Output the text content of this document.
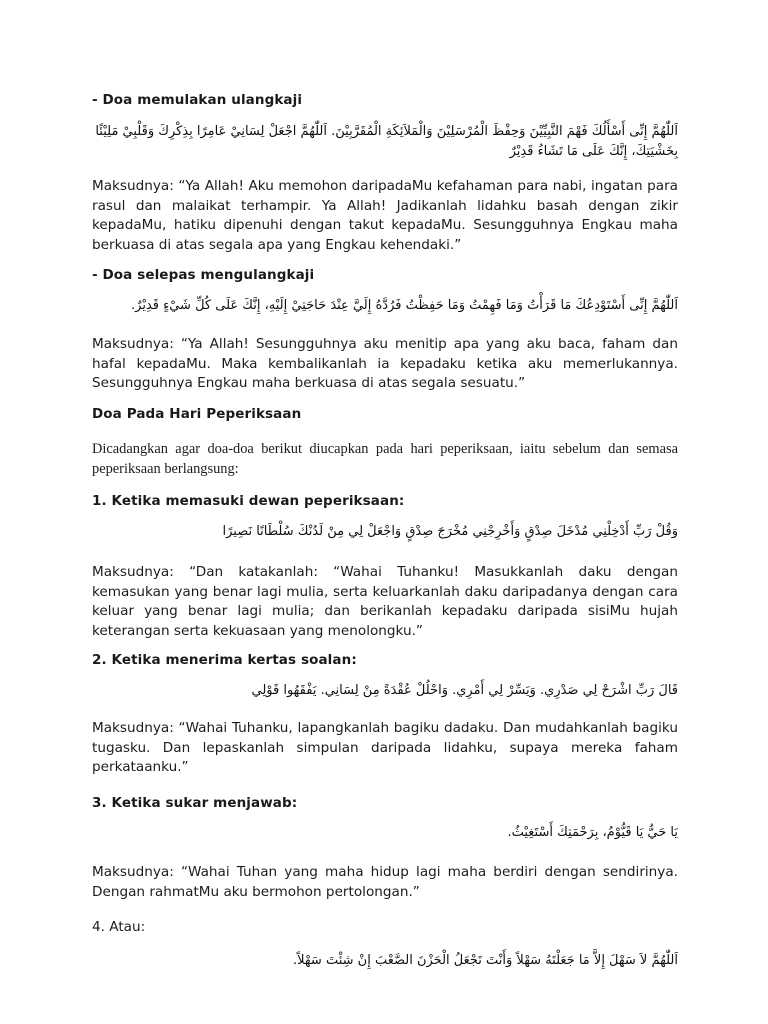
- Doa memulakan ulangkaji
اَللّٰهُمَّ إِنِّى أَسْأَلُكَ فَهْمَ النَّبِيِّيْنَ وَحِفْظَ الْمُرْسَلِيْنَ وَالْمَلاَئِكَةِ الْمُقَرَّبِيْنَ. اَللّٰهُمَّ اجْعَلْ لِسَانِيْ عَامِرًا بِذِكْرِكَ وَقَلْبِيْ مَلِيْئًا بِخَشْيَتِكَ، إِنَّكَ عَلَى مَا تَشَاءُ قَدِيْرٌ
Maksudnya: “Ya Allah! Aku memohon daripadaMu kefahaman para nabi, ingatan para rasul dan malaikat terhampir. Ya Allah! Jadikanlah lidahku basah dengan zikir kepadaMu, hatiku dipenuhi dengan takut kepadaMu. Sesungguhnya Engkau maha berkuasa di atas segala apa yang Engkau kehendaki.”
- Doa selepas mengulangkaji
اَللّٰهُمَّ إِنِّى أَسْتَوْدِعُكَ مَا قَرَأْتُ وَمَا فَهِمْتُ وَمَا حَفِظْتُ فَرُدَّهُ إِلَيَّ عِنْدَ حَاجَتِيْ إِلَيْهِ، إِنَّكَ عَلَى كُلِّ شَيْءٍ قَدِيْرٌ.
Maksudnya: “Ya Allah! Sesungguhnya aku menitip apa yang aku baca, faham dan hafal kepadaMu. Maka kembalikanlah ia kepadaku ketika aku memerlukannya. Sesungguhnya Engkau maha berkuasa di atas segala sesuatu.”
Doa Pada Hari Peperiksaan
Dicadangkan agar doa-doa berikut diucapkan pada hari peperiksaan, iaitu sebelum dan semasa peperiksaan berlangsung:
1. Ketika memasuki dewan peperiksaan:
وَقُلْ رَبِّ أَدْخِلْنِي مُدْخَلَ صِدْقٍ وَأَخْرِجْنِي مُخْرَجَ صِدْقٍ وَاجْعَلْ لِي مِنْ لَدُنْكَ سُلْطَانًا نَصِيرًا
Maksudnya: “Dan katakanlah: “Wahai Tuhanku! Masukkanlah daku dengan kemasukan yang benar lagi mulia, serta keluarkanlah daku daripadanya dengan cara keluar yang benar lagi mulia; dan berikanlah kepadaku daripada sisiMu hujah keterangan serta kekuasaan yang menolongku.”
2. Ketika menerima kertas soalan:
قَالَ رَبِّ اشْرَحْ لِي صَدْرِي. وَيَسِّرْ لِي أَمْرِي. وَاحْلُلْ عُقْدَةً مِنْ لِسَانِي. يَفْقَهُوا قَوْلِي
Maksudnya: “Wahai Tuhanku, lapangkanlah bagiku dadaku. Dan mudahkanlah bagiku tugasku. Dan lepaskanlah simpulan daripada lidahku, supaya mereka faham perkataanku.”
3. Ketika sukar menjawab:
يَا حَيُّ يَا قَيُّوْمُ، بِرَحْمَتِكَ أَسْتَغِيْثُ.
Maksudnya: “Wahai Tuhan yang maha hidup lagi maha berdiri dengan sendirinya. Dengan rahmatMu aku bermohon pertolongan.”
4. Atau:
اَللّٰهُمَّ لاَ سَهْلَ إِلاَّ مَا جَعَلْتَهُ سَهْلاً وَأَنْتَ تَجْعَلُ الْحَزْنَ الصَّعْبَ إِنْ شِئْتَ سَهْلاً.
